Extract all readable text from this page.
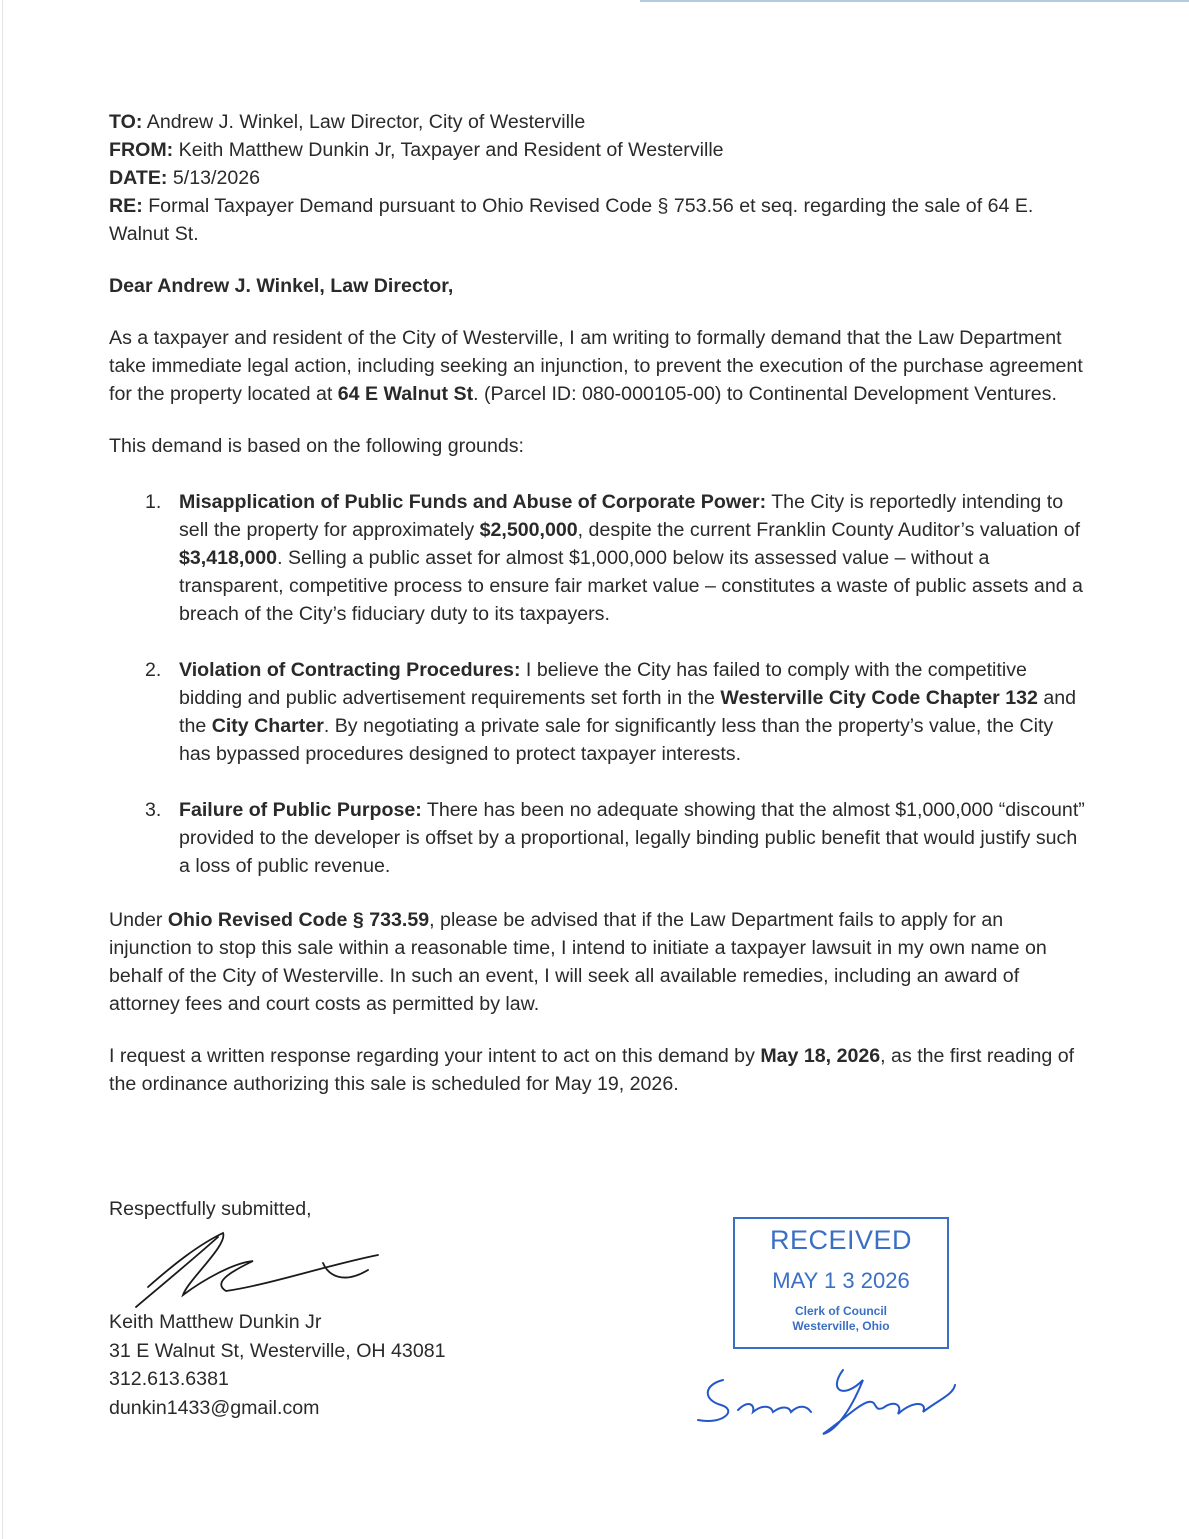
TO: Andrew J. Winkel, Law Director, City of Westerville

FROM: Keith Matthew Dunkin Jr, Taxpayer and Resident of Westerville

DATE: 5/13/2026

RE: Formal Taxpayer Demand pursuant to Ohio Revised Code § 753.56 et seq. regarding the sale of 64 E. Walnut St.

Dear Andrew J. Winkel, Law Director,

As a taxpayer and resident of the City of Westerville, I am writing to formally demand that the Law Department take immediate legal action, including seeking an injunction, to prevent the execution of the purchase agreement for the property located at 64 E Walnut St. (Parcel ID: 080-000105-00) to Continental Development Ventures.

This demand is based on the following grounds:

1. Misapplication of Public Funds and Abuse of Corporate Power: The City is reportedly intending to sell the property for approximately $2,500,000, despite the current Franklin County Auditor’s valuation of $3,418,000. Selling a public asset for almost $1,000,000 below its assessed value – without a transparent, competitive process to ensure fair market value – constitutes a waste of public assets and a breach of the City’s fiduciary duty to its taxpayers.
2. Violation of Contracting Procedures: I believe the City has failed to comply with the competitive bidding and public advertisement requirements set forth in the Westerville City Code Chapter 132 and the City Charter. By negotiating a private sale for significantly less than the property’s value, the City has bypassed procedures designed to protect taxpayer interests.
3. Failure of Public Purpose: There has been no adequate showing that the almost $1,000,000 “discount” provided to the developer is offset by a proportional, legally binding public benefit that would justify such a loss of public revenue.

Under Ohio Revised Code § 733.59, please be advised that if the Law Department fails to apply for an injunction to stop this sale within a reasonable time, I intend to initiate a taxpayer lawsuit in my own name on behalf of the City of Westerville. In such an event, I will seek all available remedies, including an award of attorney fees and court costs as permitted by law.

I request a written response regarding your intent to act on this demand by May 18, 2026, as the first reading of the ordinance authorizing this sale is scheduled for May 19, 2026.

Respectfully submitted,
Keith Matthew Dunkin Jr
31 E Walnut St, Westerville, OH 43081
312.613.6381
dunkin1433@gmail.com
RECEIVED
MAY 1 3 2026
Clerk of Council
Westerville, Ohio
